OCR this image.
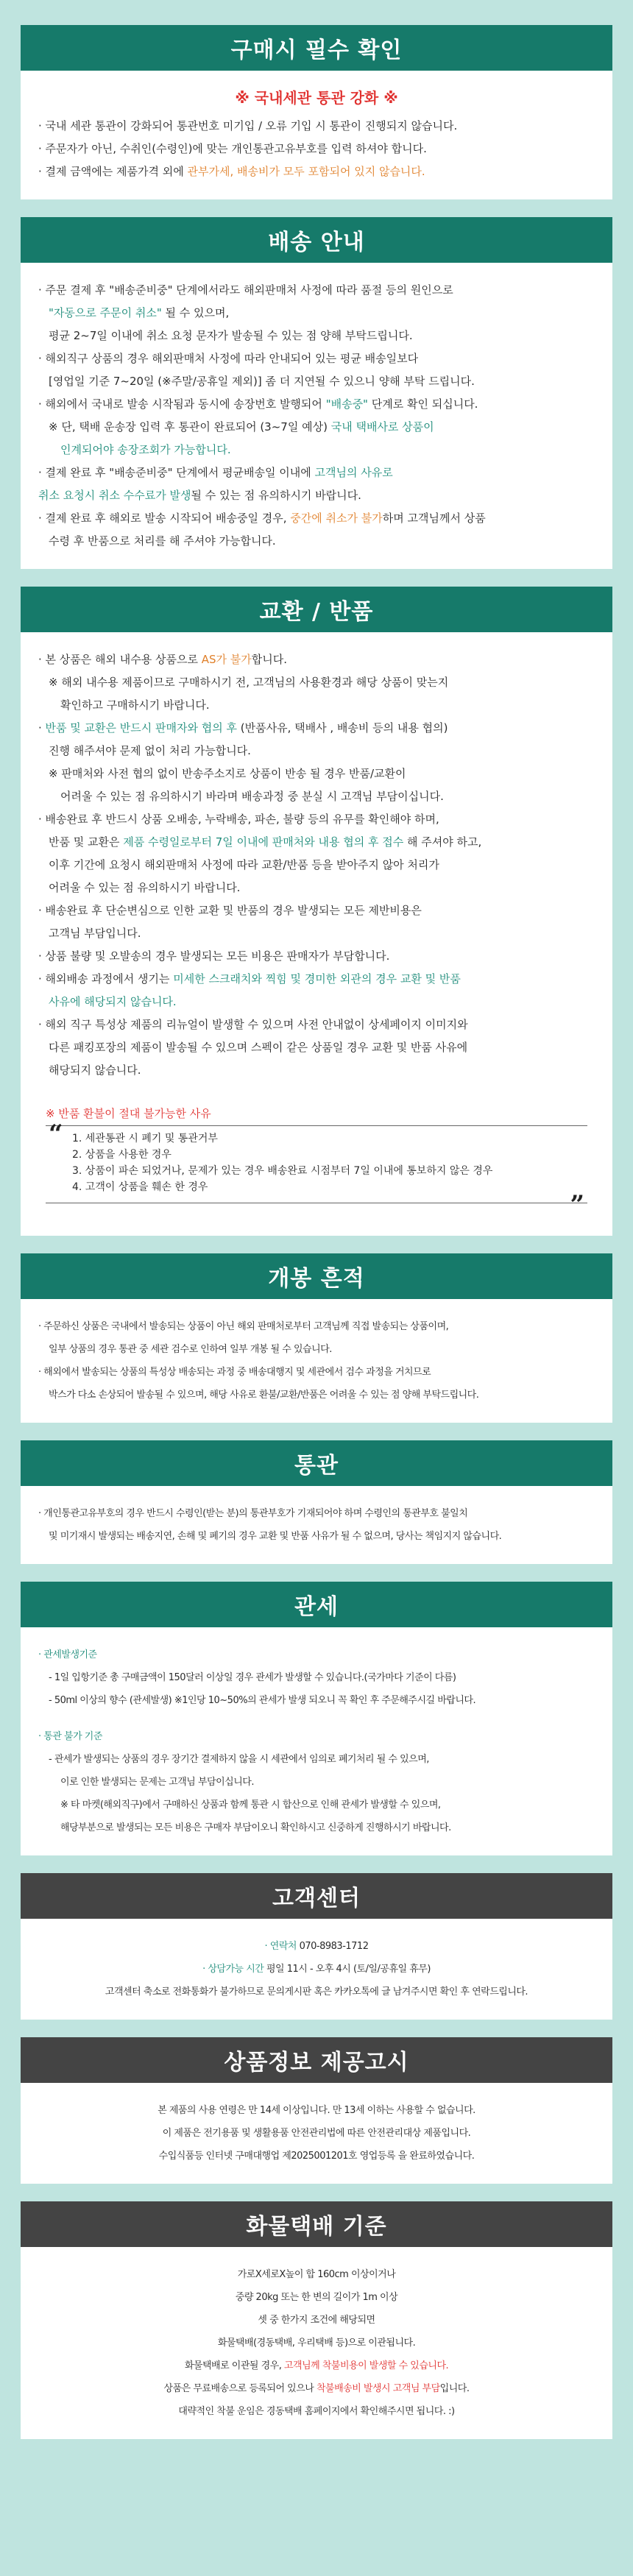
구매시 필수 확인
※ 국내세관 통관 강화 ※

· 국내 세관 통관이 강화되어 통관번호 미기입 / 오류 기입 시 통관이 진행되지 않습니다.

· 주문자가 아닌, 수취인(수령인)에 맞는 개인통관고유부호를 입력 하셔야 합니다.

· 결제 금액에는 제품가격 외에 관부가세, 배송비가 모두 포함되어 있지 않습니다.

배송 안내

· 주문 결제 후 "배송준비중" 단계에서라도 해외판매처 사정에 따라 품절 등의 원인으로

"자동으로 주문이 취소" 될 수 있으며,

평균 2~7일 이내에 취소 요청 문자가 발송될 수 있는 점 양해 부탁드립니다.

· 해외직구 상품의 경우 해외판매처 사정에 따라 안내되어 있는 평균 배송일보다

[영업일 기준 7~20일 (※주말/공휴일 제외)] 좀 더 지연될 수 있으니 양해 부탁 드립니다.

· 해외에서 국내로 발송 시작됨과 동시에 송장번호 발행되어 "배송중" 단계로 확인 되십니다.

※ 단, 택배 운송장 입력 후 통관이 완료되어 (3~7일 예상) 국내 택배사로 상품이

인계되어야 송장조회가 가능합니다.

· 결제 완료 후 "배송준비중" 단계에서 평균배송일 이내에 고객님의 사유로

취소 요청시 취소 수수료가 발생될 수 있는 점 유의하시기 바랍니다.

· 결제 완료 후 해외로 발송 시작되어 배송중일 경우, 중간에 취소가 불가하며 고객님께서 상품

수령 후 반품으로 처리를 해 주셔야 가능합니다.

교환 / 반품

· 본 상품은 해외 내수용 상품으로 AS가 불가합니다.

※ 해외 내수용 제품이므로 구매하시기 전, 고객님의 사용환경과 해당 상품이 맞는지

확인하고 구매하시기 바랍니다.

· 반품 및 교환은 반드시 판매자와 협의 후 (반품사유, 택배사 , 배송비 등의 내용 협의)

진행 해주셔야 문제 없이 처리 가능합니다.

※ 판매처와 사전 협의 없이 반송주소지로 상품이 반송 될 경우 반품/교환이

어려울 수 있는 점 유의하시기 바라며 배송과정 중 분실 시 고객님 부담이십니다.

· 배송완료 후 반드시 상품 오배송, 누락배송, 파손, 불량 등의 유무를 확인해야 하며,

반품 및 교환은 제품 수령일로부터 7일 이내에 판매처와 내용 협의 후 접수 해 주셔야 하고,

이후 기간에 요청시 해외판매처 사정에 따라 교환/반품 등을 받아주지 않아 처리가

어려울 수 있는 점 유의하시기 바랍니다.

· 배송완료 후 단순변심으로 인한 교환 및 반품의 경우 발생되는 모든 제반비용은

고객님 부담입니다.

· 상품 불량 및 오발송의 경우 발생되는 모든 비용은 판매자가 부담합니다.

· 해외배송 과정에서 생기는 미세한 스크래치와 찍힘 및 경미한 외관의 경우 교환 및 반품

사유에 해당되지 않습니다.

· 해외 직구 특성상 제품의 리뉴얼이 발생할 수 있으며 사전 안내없이 상세페이지 이미지와

다른 패킹포장의 제품이 발송될 수 있으며 스펙이 같은 상품일 경우 교환 및 반품 사유에

해당되지 않습니다.

※ 반품 환불이 절대 불가능한 사유
“ 1. 세관통관 시 폐기 및 통관거부

2. 상품을 사용한 경우

3. 상품이 파손 되었거나, 문제가 있는 경우 배송완료 시점부터 7일 이내에 통보하지 않은 경우

4. 고객이 상품을 훼손 한 경우

”
개봉 흔적

· 주문하신 상품은 국내에서 발송되는 상품이 아닌 해외 판매처로부터 고객님께 직접 발송되는 상품이며,

일부 상품의 경우 통관 중 세관 검수로 인하여 일부 개봉 될 수 있습니다.

· 해외에서 발송되는 상품의 특성상 배송되는 과정 중 배송대행지 및 세관에서 검수 과정을 거치므로

박스가 다소 손상되어 발송될 수 있으며, 해당 사유로 환불/교환/반품은 어려울 수 있는 점 양해 부탁드립니다.

통관

· 개인통관고유부호의 경우 반드시 수령인(받는 분)의 통관부호가 기재되어야 하며 수령인의 통관부호 불일치

및 미기재시 발생되는 배송지연, 손해 및 폐기의 경우 교환 및 반품 사유가 될 수 없으며, 당사는 책임지지 않습니다.

관세

· 관세발생기준

- 1일 입항기준 총 구매금액이 150달러 이상일 경우 관세가 발생할 수 있습니다.(국가마다 기준이 다름)

- 50ml 이상의 향수 (관세발생) ※1인당 10~50%의 관세가 발생 되오니 꼭 확인 후 주문해주시길 바랍니다.

· 통관 불가 기준

- 관세가 발생되는 상품의 경우 장기간 결제하지 않을 시 세관에서 임의로 폐기처리 될 수 있으며,

이로 인한 발생되는 문제는 고객님 부담이십니다.

※ 타 마켓(해외직구)에서 구매하신 상품과 함께 통관 시 합산으로 인해 관세가 발생할 수 있으며,

해당부분으로 발생되는 모든 비용은 구매자 부담이오니 확인하시고 신중하게 진행하시기 바랍니다.

고객센터

· 연락처 070-8983-1712

· 상담가능 시간 평일 11시 - 오후 4시 (토/일/공휴일 휴무)

고객센터 축소로 전화통화가 불가하므로 문의게시판 혹은 카카오톡에 글 남겨주시면 확인 후 연락드립니다.

상품정보 제공고시

본 제품의 사용 연령은 만 14세 이상입니다. 만 13세 이하는 사용할 수 없습니다.

이 제품은 전기용품 및 생활용품 안전관리법에 따른 안전관리대상 제품입니다.

수입식품등 인터넷 구매대행업 제2025001201호 영업등록 을 완료하였습니다.

화물택배 기준

가로X세로X높이 합 160cm 이상이거나

중량 20kg 또는 한 변의 길이가 1m 이상

셋 중 한가지 조건에 해당되면

화물택배(경동택배, 우리택배 등)으로 이관됩니다.

화물택배로 이관될 경우, 고객님께 착불비용이 발생할 수 있습니다.

상품은 무료배송으로 등록되어 있으나 착불배송비 발생시 고객님 부담입니다.

대략적인 착불 운임은 경동택배 홈페이지에서 확인해주시면 됩니다. :)
